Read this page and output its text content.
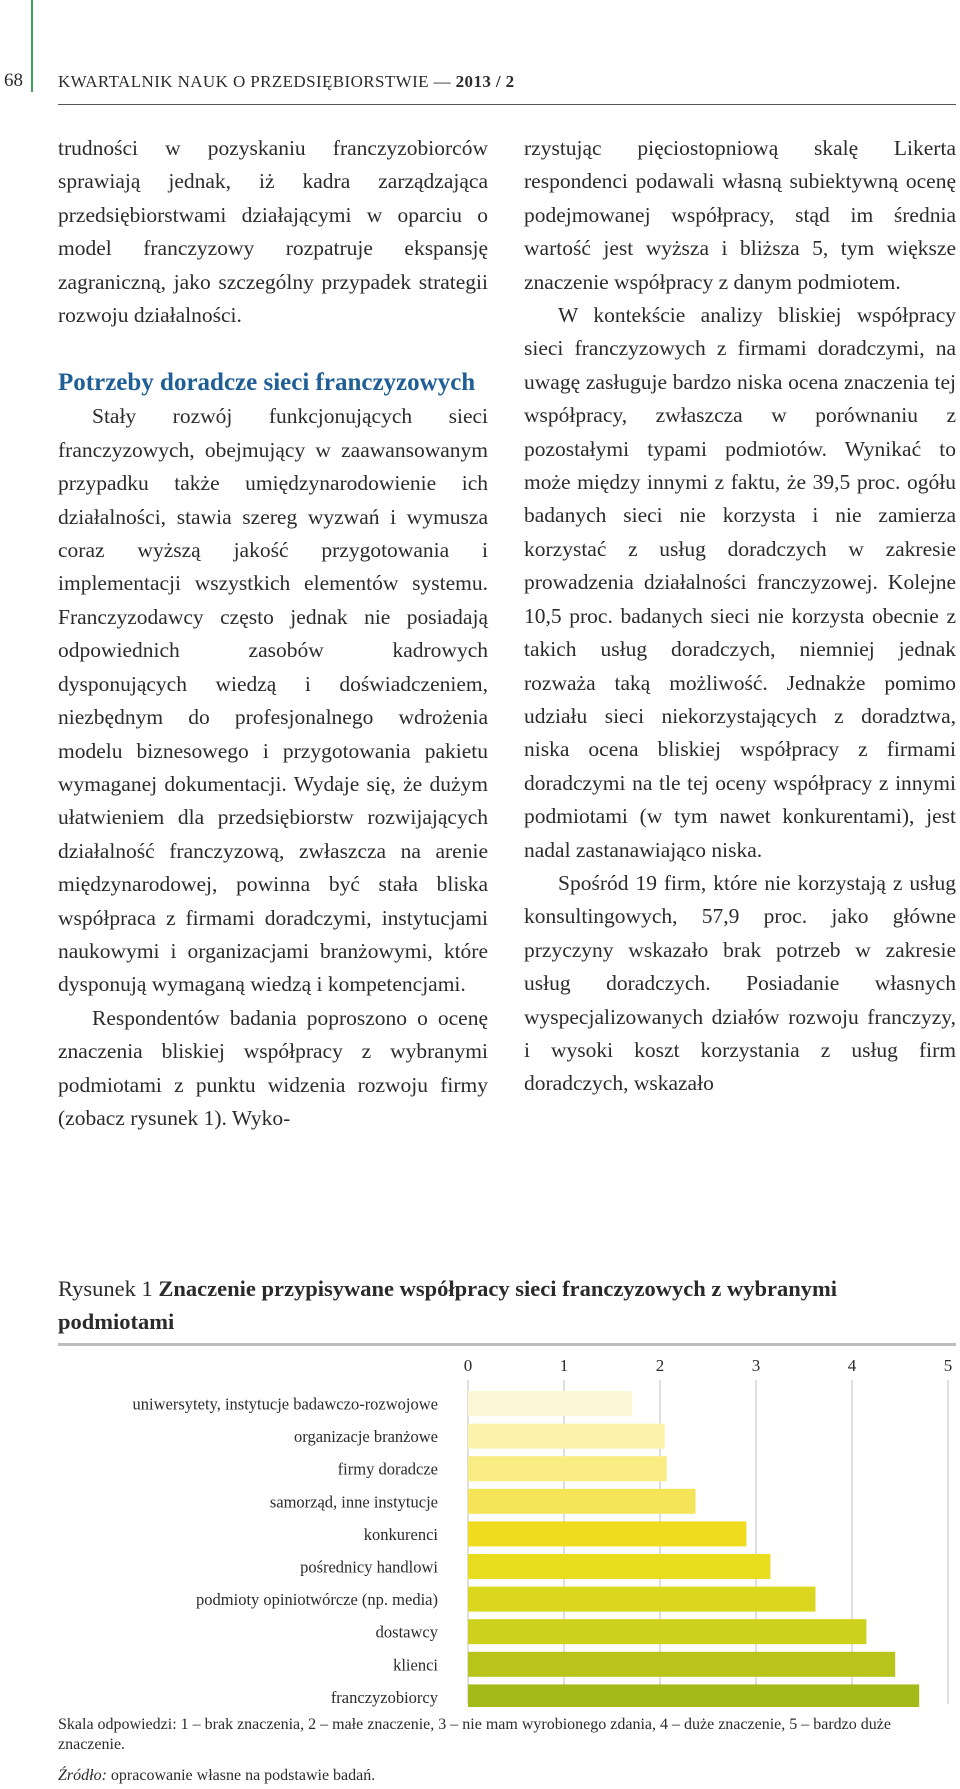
68 KWARTALNIK NAUK O PRZEDSIĘBIORSTWIE — 2013 / 2

trudności w pozyskaniu franczyzobiorców sprawiają jednak, iż kadra zarządzająca przedsiębiorstwami działającymi w oparciu o model franczyzowy rozpatruje ekspansję zagraniczną, jako szczególny przypadek strategii rozwoju działalności.

Potrzeby doradcze sieci franczyzowych

Stały rozwój funkcjonujących sieci franczyzowych, obejmujący w zaawansowanym przypadku także umiędzynarodowienie ich działalności, stawia szereg wyzwań i wymusza coraz wyższą jakość przygotowania i implementacji wszystkich elementów systemu. Franczyzodawcy często jednak nie posiadają odpowiednich zasobów kadrowych dysponujących wiedzą i doświadczeniem, niezbędnym do profesjonalnego wdrożenia modelu biznesowego i przygotowania pakietu wymaganej dokumentacji. Wydaje się, że dużym ułatwieniem dla przedsiębiorstw rozwijających działalność franczyzową, zwłaszcza na arenie międzynarodowej, powinna być stała bliska współpraca z firmami doradczymi, instytucjami naukowymi i organizacjami branżowymi, które dysponują wymaganą wiedzą i kompetencjami.

Respondentów badania poproszono o ocenę znaczenia bliskiej współpracy z wybranymi podmiotami z punktu widzenia rozwoju firmy (zobacz rysunek 1). Wyko-

rzystując pięciostopniową skalę Likerta respondenci podawali własną subiektywną ocenę podejmowanej współpracy, stąd im średnia wartość jest wyższa i bliższa 5, tym większe znaczenie współpracy z danym podmiotem.

W kontekście analizy bliskiej współpracy sieci franczyzowych z firmami doradczymi, na uwagę zasługuje bardzo niska ocena znaczenia tej współpracy, zwłaszcza w porównaniu z pozostałymi typami podmiotów. Wynikać to może między innymi z faktu, że 39,5 proc. ogółu badanych sieci nie korzysta i nie zamierza korzystać z usług doradczych w zakresie prowadzenia działalności franczyzowej. Kolejne 10,5 proc. badanych sieci nie korzysta obecnie z takich usług doradczych, niemniej jednak rozważa taką możliwość. Jednakże pomimo udziału sieci niekorzystających z doradztwa, niska ocena bliskiej współpracy z firmami doradczymi na tle tej oceny współpracy z innymi podmiotami (w tym nawet konkurentami), jest nadal zastanawiająco niska.

Spośród 19 firm, które nie korzystają z usług konsultingowych, 57,9 proc. jako główne przyczyny wskazało brak potrzeb w zakresie usług doradczych. Posiadanie własnych wyspecjalizowanych działów rozwoju franczyzy, i wysoki koszt korzystania z usług firm doradczych, wskazało

Rysunek 1 Znaczenie przypisywane współpracy sieci franczyzowych z wybranymi podmiotami
0	1	2	3	4	5
uniwersytety, instytucje badawczo-rozwojowe
organizacje branżowe
firmy doradcze
samorząd, inne instytucje
konkurenci
pośrednicy handlowi
podmioty opiniotwórcze (np. media)
dostawcy
klienci
franczyzobiorcy
Skala odpowiedzi: 1 – brak znaczenia, 2 – małe znaczenie, 3 – nie mam wyrobionego zdania, 4 – duże znaczenie, 5 – bardzo duże znaczenie.
Źródło: opracowanie własne na podstawie badań.
